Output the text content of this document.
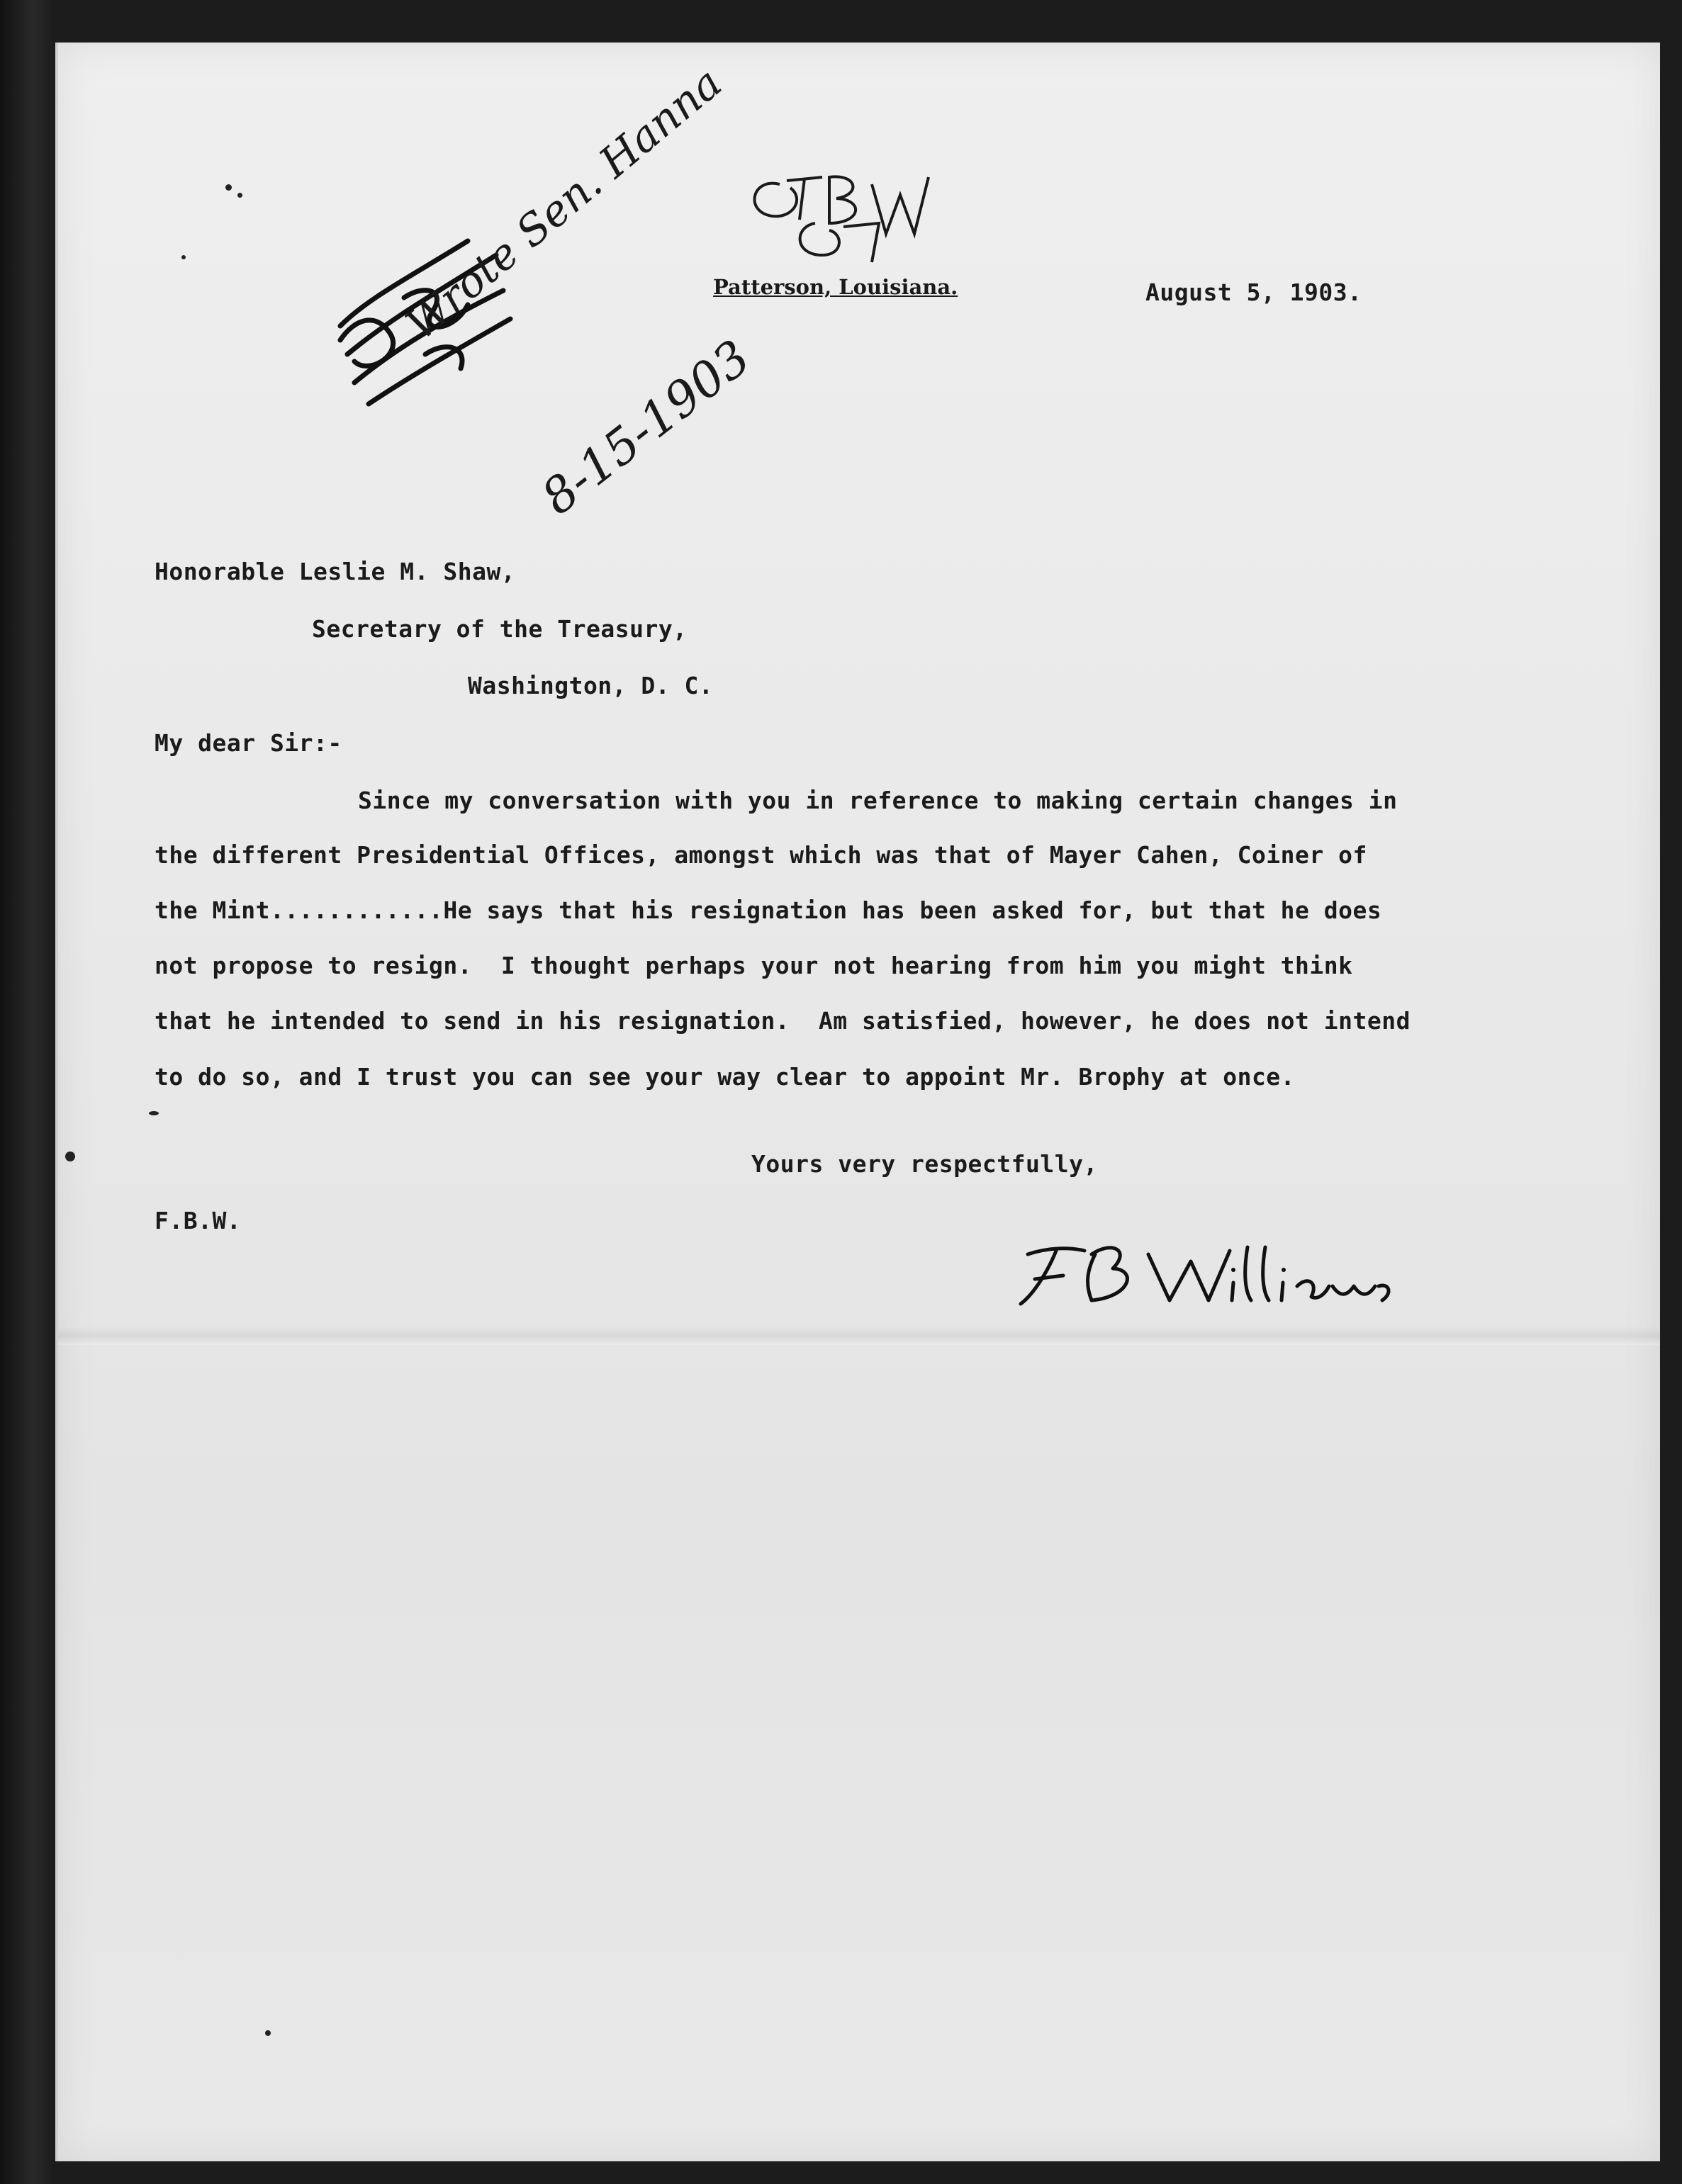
Patterson, Louisiana.	August 5, 1903.
Wrote Sen. Hanna
8-15-1903
Honorable Leslie M. Shaw,
Secretary of the Treasury,
Washington, D. C.
My dear Sir:-
Since my conversation with you in reference to making certain changes in
the different Presidential Offices, amongst which was that of Mayer Cahen, Coiner of
the Mint............He says that his resignation has been asked for, but that he does
not propose to resign.  I thought perhaps your not hearing from him you might think
that he intended to send in his resignation.  Am satisfied, however, he does not intend
to do so, and I trust you can see your way clear to appoint Mr. Brophy at once.
Yours very respectfully,
F.B.W.
